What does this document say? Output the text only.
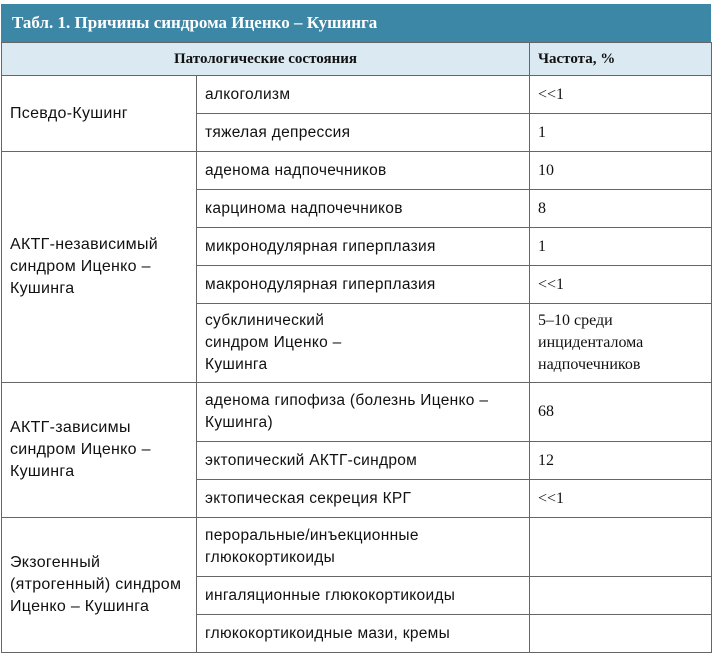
Табл. 1. Причины синдрома Иценко – Кушинга
Патологические состояния		Частота, %
Псевдо-Кушинг	алкоголизм	<<1
	тяжелая депрессия	1
АКТГ-независимый синдром Иценко – Кушинга	аденома надпочечников	10
	карцинома надпочечников	8
	микронодулярная гиперплазия	1
	макронодулярная гиперплазия	<<1

	субклинический синдром Иценко – Кушинга	5–10 среди инциденталома надпочечников

АКТГ-зависимы синдром Иценко – Кушинга	аденома гипофиза (болезнь Иценко – Кушинга)	68
	эктопический АКТГ-синдром	12
	эктопическая секреция КРГ	<<1

Экзогенный (ятрогенный) синдром Иценко – Кушинга	пероральные/инъекционные глюкокортикоиды	

	ингаляционные глюкокортикоиды	
	глюкокортикоидные мази, кремы	
